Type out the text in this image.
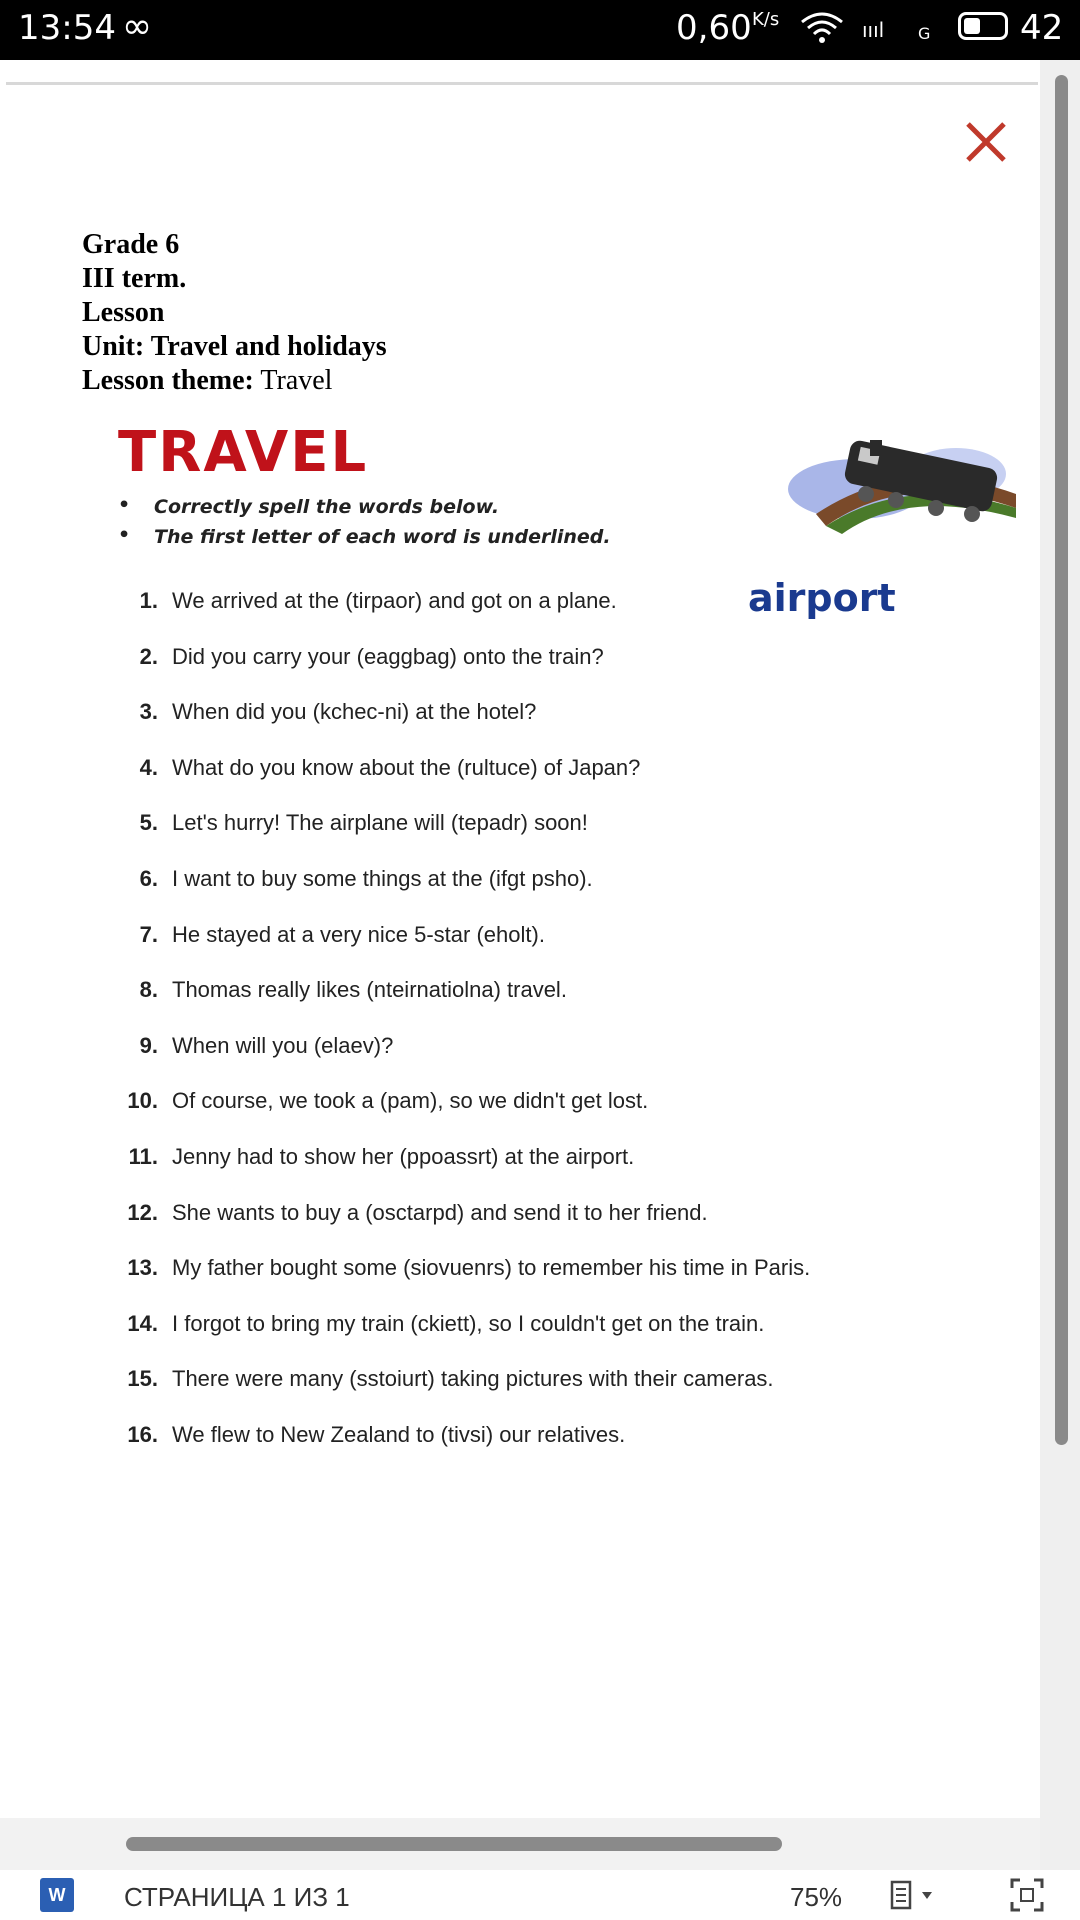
13:54 ∞	0,60 K/s	ıııl G	42
Grade 6
III term.
Lesson
Unit: Travel and holidays
Lesson theme: Travel
TRAVEL
• Correctly spell the words below.
• The first letter of each word is underlined.
airport
1. We arrived at the (tirpaor) and got on a plane.
2. Did you carry your (eaggbag) onto the train?
3. When did you (kchec-ni) at the hotel?
4. What do you know about the (rultuce) of Japan?
5. Let's hurry! The airplane will (tepadr) soon!
6. I want to buy some things at the (ifgt psho).
7. He stayed at a very nice 5-star (eholt).
8. Thomas really likes (nteirnatiolna) travel.
9. When will you (elaev)?
10. Of course, we took a (pam), so we didn't get lost.
11. Jenny had to show her (ppoassrt) at the airport.
12. She wants to buy a (osctarpd) and send it to her friend.
13. My father bought some (siovuenrs) to remember his time in Paris.
14. I forgot to bring my train (ckiett), so I couldn't get on the train.
15. There were many (sstoiurt) taking pictures with their cameras.
16. We flew to New Zealand to (tivsi) our relatives.
W	СТРАНИЦА 1 ИЗ 1	75%
